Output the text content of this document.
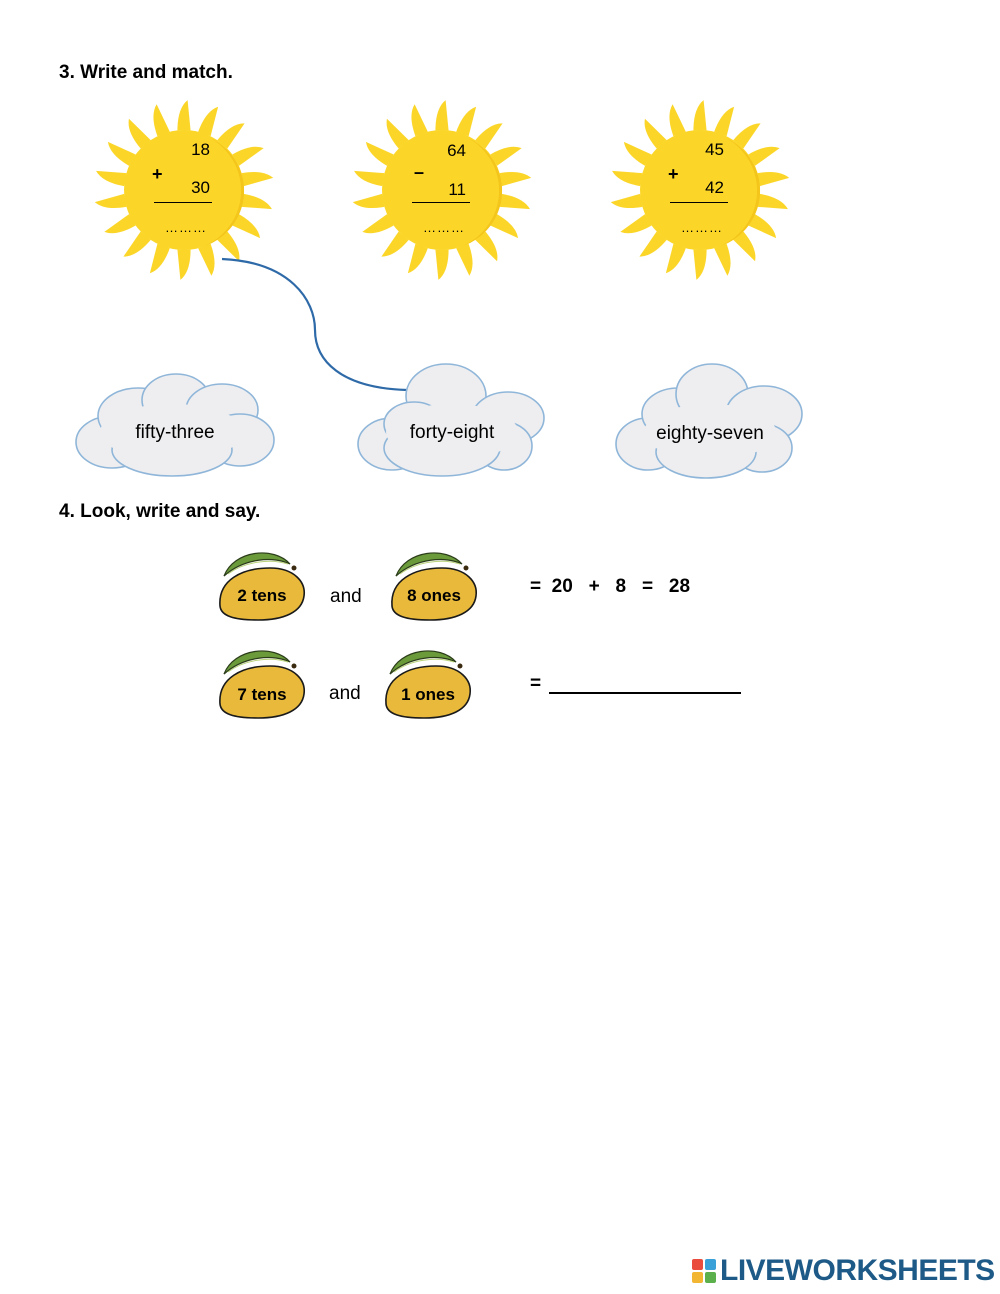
3. Write and match.
18
+
30
………
64
–
11
………
45
+
42
………
fifty-three	forty-eight	eighty-seven
4. Look, write and say.
2 tens	and	8 ones	=  20   +   8   =   28
7 tens	and	1 ones
=
LIVEWORKSHEETS
